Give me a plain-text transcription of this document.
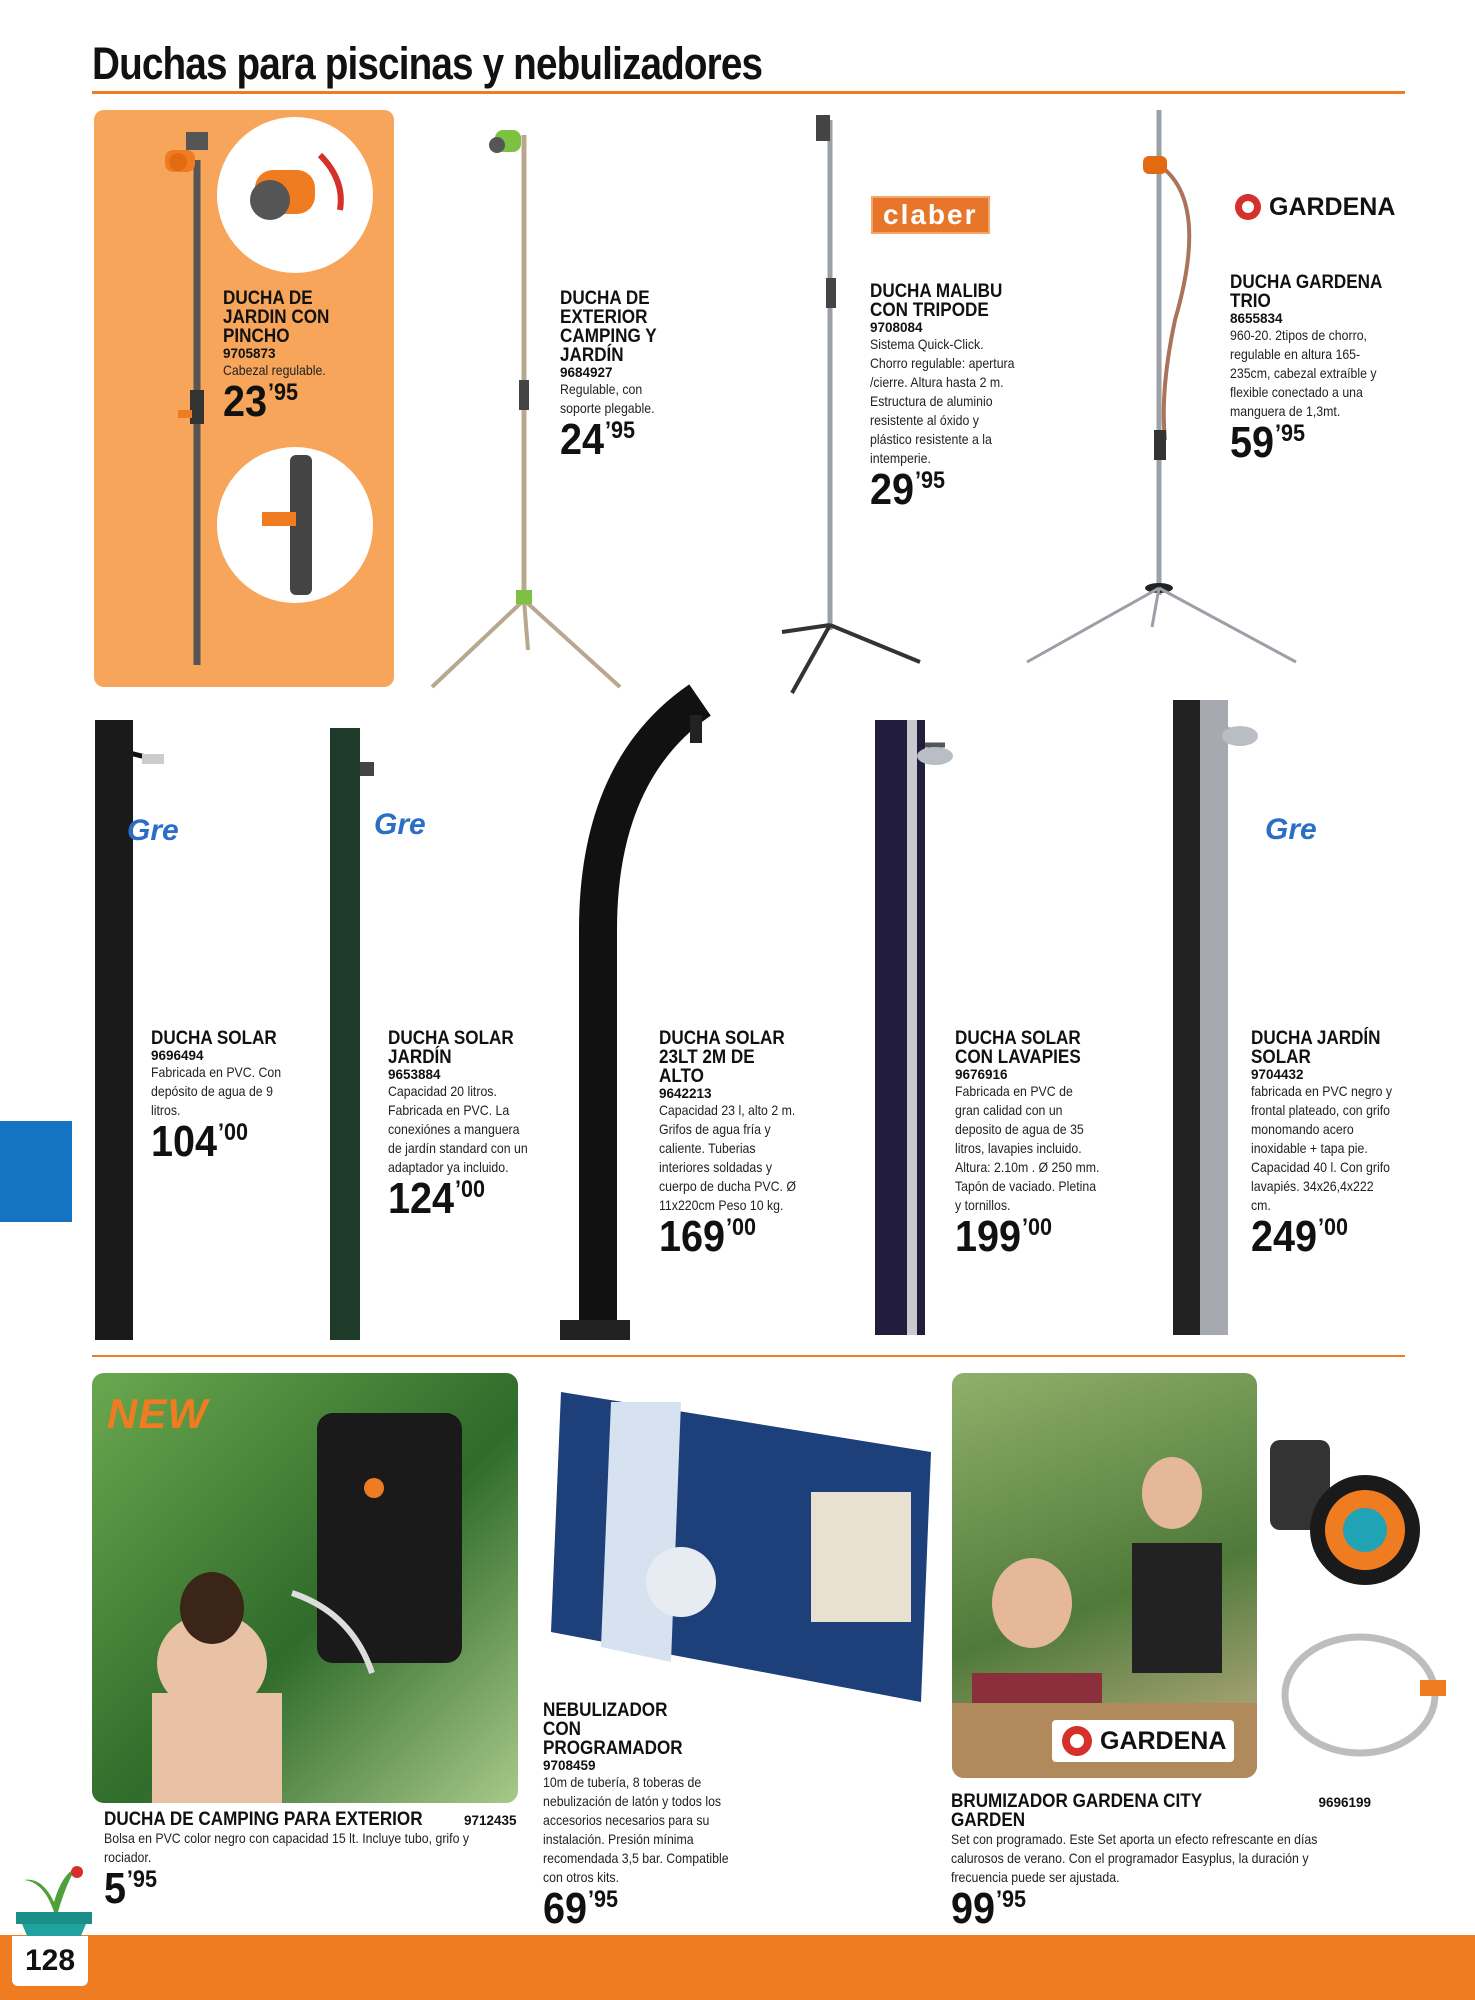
Duchas para piscinas y nebulizadores
claber	GARDENA
DUCHA DE
JARDIN CON
PINCHO
9705873
Cabezal regulable.
23 ’95
DUCHA DE
EXTERIOR
CAMPING Y
JARDÍN
9684927
Regulable, con soporte plegable.
24 ’95
DUCHA MALIBU
CON TRIPODE
9708084
Sistema Quick-Click. Chorro regulable: apertura /cierre. Altura hasta 2 m. Estructura de aluminio resistente al óxido y plástico resistente a la intemperie.
29 ’95
DUCHA GARDENA
TRIO
8655834
960-20. 2tipos de chorro, regulable en altura 165-235cm, cabezal extraíble y flexible conectado a una manguera de 1,3mt.
59 ’95
Gre	Gre	Gre
DUCHA SOLAR
9696494
Fabricada en PVC. Con depósito de agua de 9 litros.
104 ’00
DUCHA SOLAR
JARDÍN
9653884
Capacidad 20 litros. Fabricada en PVC. La conexiónes a manguera de jardín standard con un adaptador ya incluido.
124 ’00
DUCHA SOLAR
23LT 2M DE ALTO
9642213
Capacidad 23 l, alto 2 m. Grifos de agua fría y caliente. Tuberias interiores soldadas y cuerpo de ducha PVC. Ø 11x220cm Peso 10 kg.
169 ’00
DUCHA SOLAR
CON LAVAPIES
9676916
Fabricada en PVC de gran calidad con un deposito de agua de 35 litros, lavapies incluido. Altura: 2.10m . Ø 250 mm. Tapón de vaciado. Pletina y tornillos.
199 ’00
DUCHA JARDÍN
SOLAR
9704432
fabricada en PVC negro y frontal plateado, con grifo monomando acero inoxidable + tapa pie. Capacidad 40 l. Con grifo lavapiés. 34x26,4x222 cm.
249 ’00
NEW
GARDENA
DUCHA DE CAMPING PARA EXTERIOR	9712435
Bolsa en PVC color negro con capacidad 15 lt. Incluye tubo, grifo y rociador.
5 ’95
NEBULIZADOR
CON PROGRAMADOR
9708459
10m de tubería, 8 toberas de nebulización de latón y todos los accesorios necesarios para su instalación. Presión mínima recomendada 3,5 bar. Compatible con otros kits.
69 ’95
BRUMIZADOR GARDENA CITY GARDEN
9696199
Set con programado. Este Set aporta un efecto refrescante en días calurosos de verano. Con el programador Easyplus, la duración y frecuencia puede ser ajustada.
99 ’95
128
